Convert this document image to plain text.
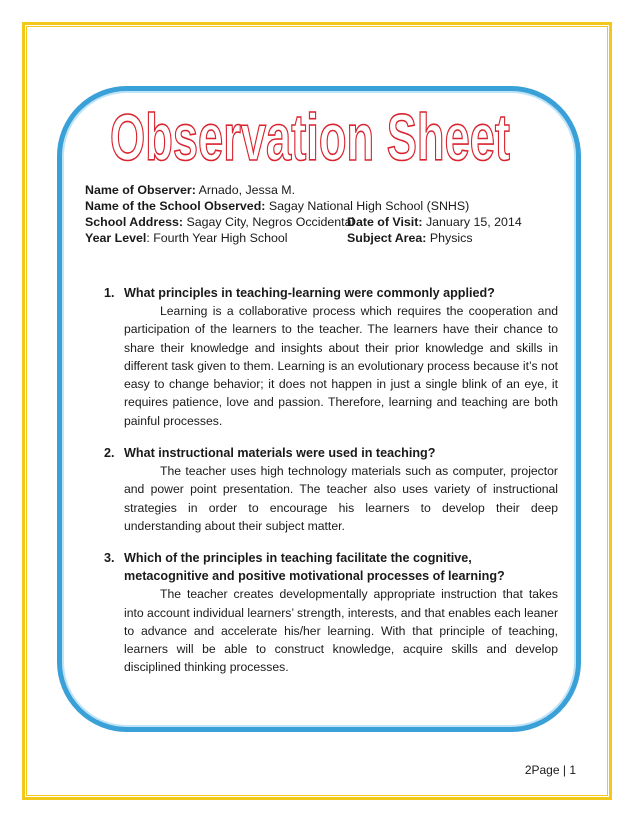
Observation Sheet
Name of Observer: Arnado, Jessa M.
Name of the School Observed: Sagay National High School (SNHS)
School Address: Sagay City, Negros Occidental
Date of Visit: January 15, 2014
Year Level: Fourth Year High School	Subject Area: Physics
1. What principles in teaching-learning were commonly applied?
Learning is a collaborative process which requires the cooperation and participation of the learners to the teacher. The learners have their chance to share their knowledge and insights about their prior knowledge and skills in different task given to them. Learning is an evolutionary process because it’s not easy to change behavior; it does not happen in just a single blink of an eye, it requires patience, love and passion. Therefore, learning and teaching are both painful processes.
2. What instructional materials were used in teaching?
The teacher uses high technology materials such as computer, projector and power point presentation. The teacher also uses variety of instructional strategies in order to encourage his learners to develop their deep understanding about their subject matter.
3. Which of the principles in teaching facilitate the cognitive, metacognitive and positive motivational processes of learning?
The teacher creates developmentally appropriate instruction that takes into account individual learners’ strength, interests, and that enables each leaner to advance and accelerate his/her learning. With that principle of teaching, learners will be able to construct knowledge, acquire skills and develop disciplined thinking processes.
2Page | 1
